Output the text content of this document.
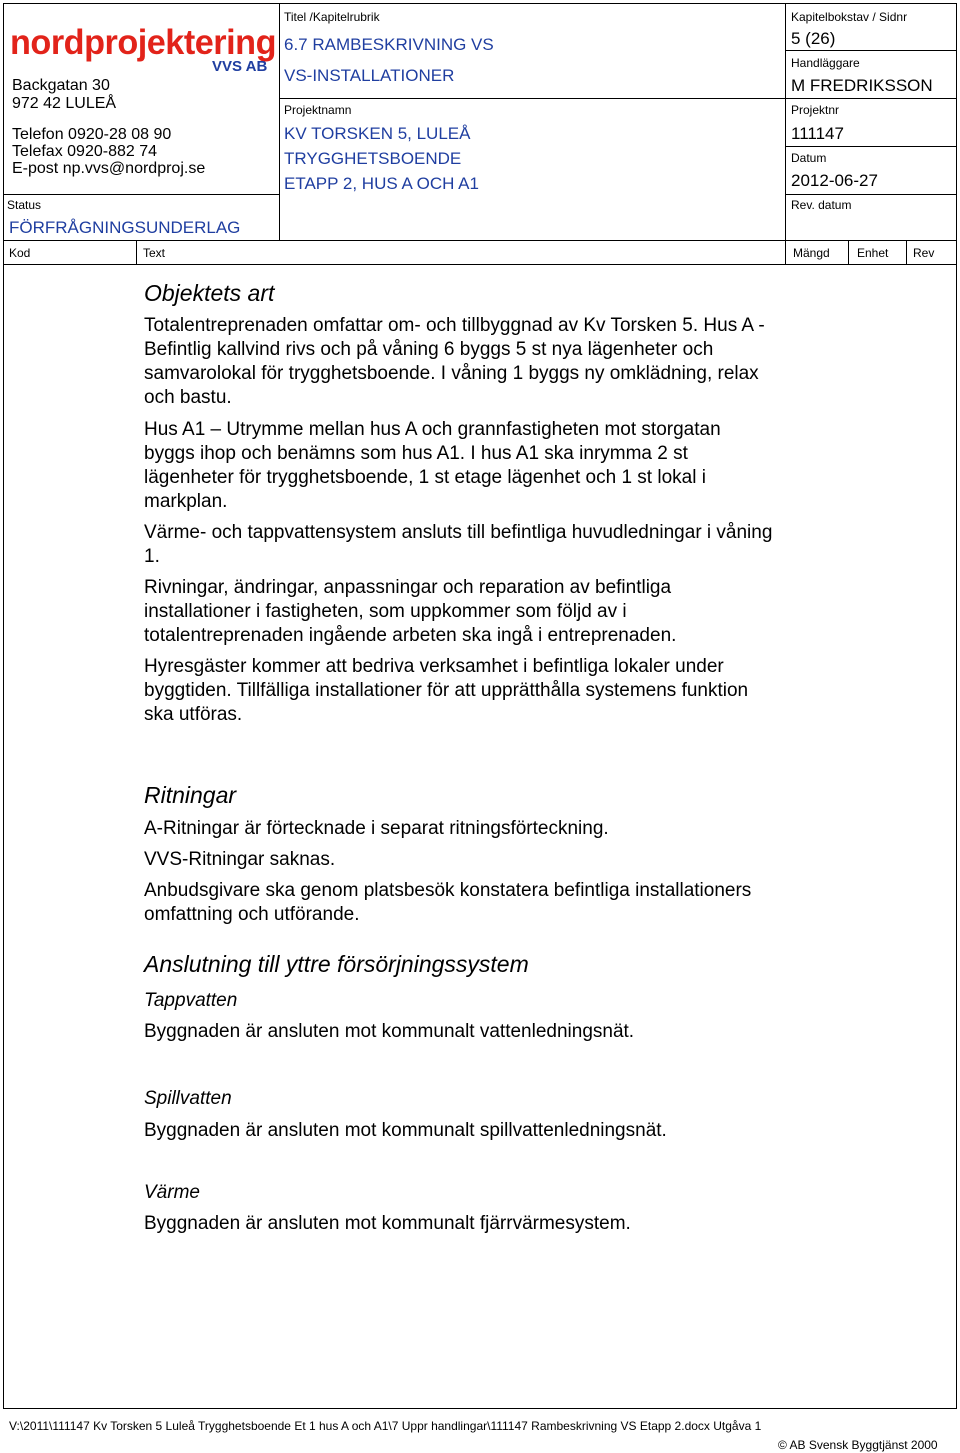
nordprojektering
VVS AB
Backgatan 30
972 42 LULEÅ
Telefon 0920-28 08 90
Telefax 0920-882 74
E-post np.vvs@nordproj.se
Status
FÖRFRÅGNINGSUNDERLAG
Titel /Kapitelrubrik
6.7 RAMBESKRIVNING VS
VS-INSTALLATIONER
Projektnamn
KV TORSKEN 5, LULEÅ
TRYGGHETSBOENDE
ETAPP 2, HUS A OCH A1
Kapitelbokstav / Sidnr
5 (26)
Handläggare
M FREDRIKSSON
Projektnr
111147
Datum
2012-06-27
Rev. datum
Kod	Text	Mängd Enhet Rev
Objektets art
Totalentreprenaden omfattar om- och tillbyggnad av Kv Torsken 5. Hus A - Befintlig kallvind rivs och på våning 6 byggs 5 st nya lägenheter och samvarolokal för trygghetsboende. I våning 1 byggs ny omklädning, relax och bastu.
Hus A1 – Utrymme mellan hus A och grannfastigheten mot storgatan byggs ihop och benämns som hus A1. I hus A1 ska inrymma 2 st lägenheter för trygghetsboende, 1 st etage lägenhet och 1 st lokal i markplan.
Värme- och tappvattensystem ansluts till befintliga huvudledningar i våning 1.
Rivningar, ändringar, anpassningar och reparation av befintliga installationer i fastigheten, som uppkommer som följd av i totalentreprenaden ingående arbeten ska ingå i entreprenaden.
Hyresgäster kommer att bedriva verksamhet i befintliga lokaler under byggtiden. Tillfälliga installationer för att upprätthålla systemens funktion ska utföras.
Ritningar
A-Ritningar är förtecknade i separat ritningsförteckning.
VVS-Ritningar saknas.
Anbudsgivare ska genom platsbesök konstatera befintliga installationers omfattning och utförande.
Anslutning till yttre försörjningssystem
Tappvatten
Byggnaden är ansluten mot kommunalt vattenledningsnät.
Spillvatten
Byggnaden är ansluten mot kommunalt spillvattenledningsnät.
Värme
Byggnaden är ansluten mot kommunalt fjärrvärmesystem.
V:\2011\111147 Kv Torsken 5 Luleå Trygghetsboende Et 1 hus A och A1\7 Uppr handlingar\111147 Rambeskrivning VS Etapp 2.docx Utgåva 1
© AB Svensk Byggtjänst 2000
